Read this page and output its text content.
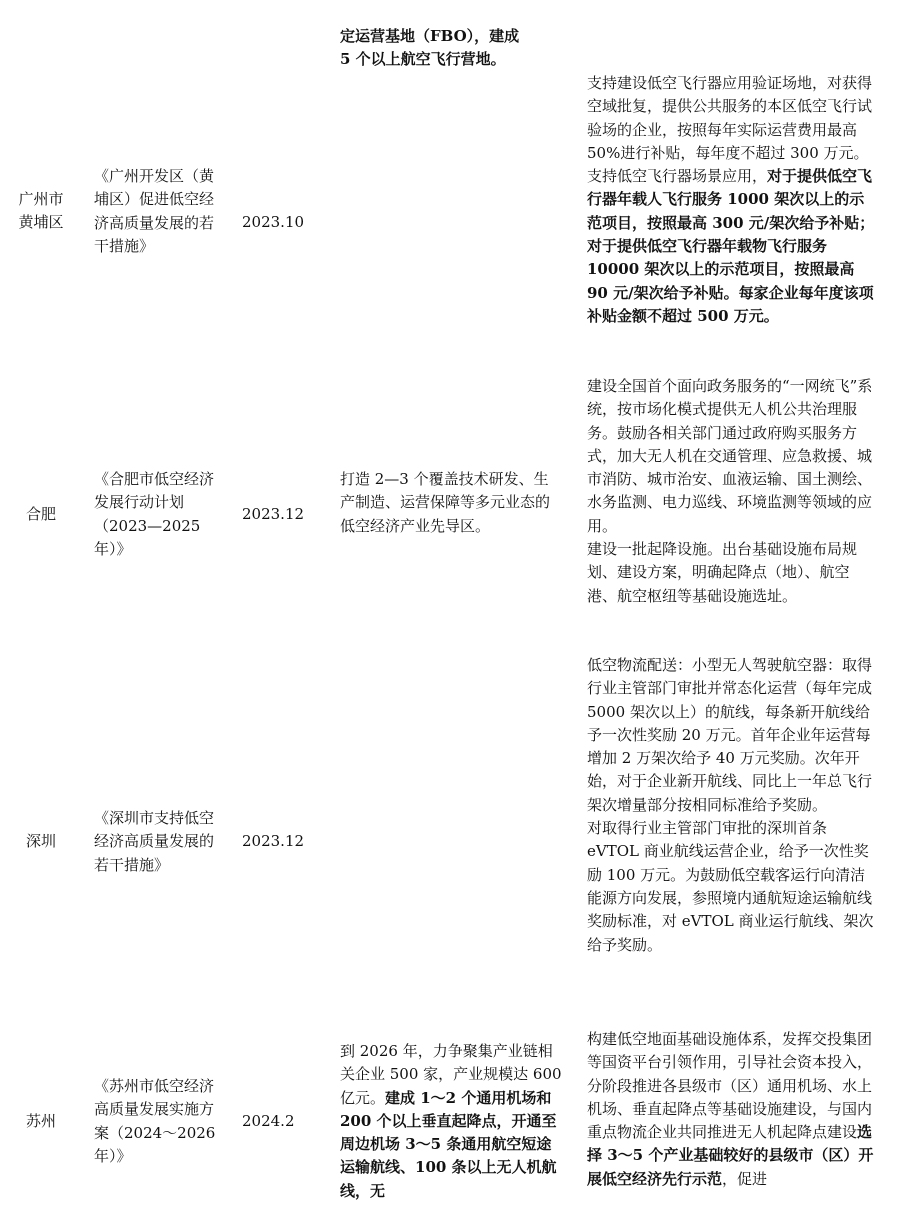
定运营基地（FBO），建成

5 个以上航空飞行营地。

广州市黄埔区
《广州开发区（黄埔区）促进低空经济高质量发展的若干措施》
2023.10

支持建设低空飞行器应用验证场地，对获得空域批复，提供公共服务的本区低空飞行试验场的企业，按照每年实际运营费用最高 50%进行补贴，每年度不超过 300 万元。

支持低空飞行器场景应用，对于提供低空飞行器年载人飞行服务 1000 架次以上的示范项目，按照最高 300 元/架次给予补贴；对于提供低空飞行器年载物飞行服务 10000 架次以上的示范项目，按照最高 90 元/架次给予补贴。每家企业每年度该项补贴金额不超过 500 万元。

合肥
《合肥市低空经济发展行动计划（2023—2025 年）》
2023.12
打造 2—3 个覆盖技术研发、生产制造、运营保障等多元业态的低空经济产业先导区。

建设全国首个面向政务服务的“一网统飞”系统，按市场化模式提供无人机公共治理服务。鼓励各相关部门通过政府购买服务方式，加大无人机在交通管理、应急救援、城市消防、城市治安、血液运输、国土测绘、水务监测、电力巡线、环境监测等领域的应用。

建设一批起降设施。出台基础设施布局规划、建设方案，明确起降点（地）、航空港、航空枢纽等基础设施选址。

深圳
《深圳市支持低空经济高质量发展的若干措施》
2023.12

低空物流配送：小型无人驾驶航空器：取得行业主管部门审批并常态化运营（每年完成 5000 架次以上）的航线，每条新开航线给予一次性奖励 20 万元。首年企业年运营每增加 2 万架次给予 40 万元奖励。次年开始，对于企业新开航线、同比上一年总飞行架次增量部分按相同标准给予奖励。

对取得行业主管部门审批的深圳首条 eVTOL 商业航线运营企业，给予一次性奖励 100 万元。为鼓励低空载客运行向清洁能源方向发展，参照境内通航短途运输航线奖励标准，对 eVTOL 商业运行航线、架次给予奖励。

苏州
《苏州市低空经济高质量发展实施方案（2024～2026 年）》
2024.2

到 2026 年，力争聚集产业链相关企业 500 家，产业规模达 600 亿元。建成 1～2 个通用机场和 200 个以上垂直起降点，开通至周边机场 3～5 条通用航空短途运输航线、100 条以上无人机航线，无

构建低空地面基础设施体系，发挥交投集团等国资平台引领作用，引导社会资本投入，分阶段推进各县级市（区）通用机场、水上机场、垂直起降点等基础设施建设，与国内重点物流企业共同推进无人机起降点建设选择 3～5 个产业基础较好的县级市（区）开展低空经济先行示范，促进
